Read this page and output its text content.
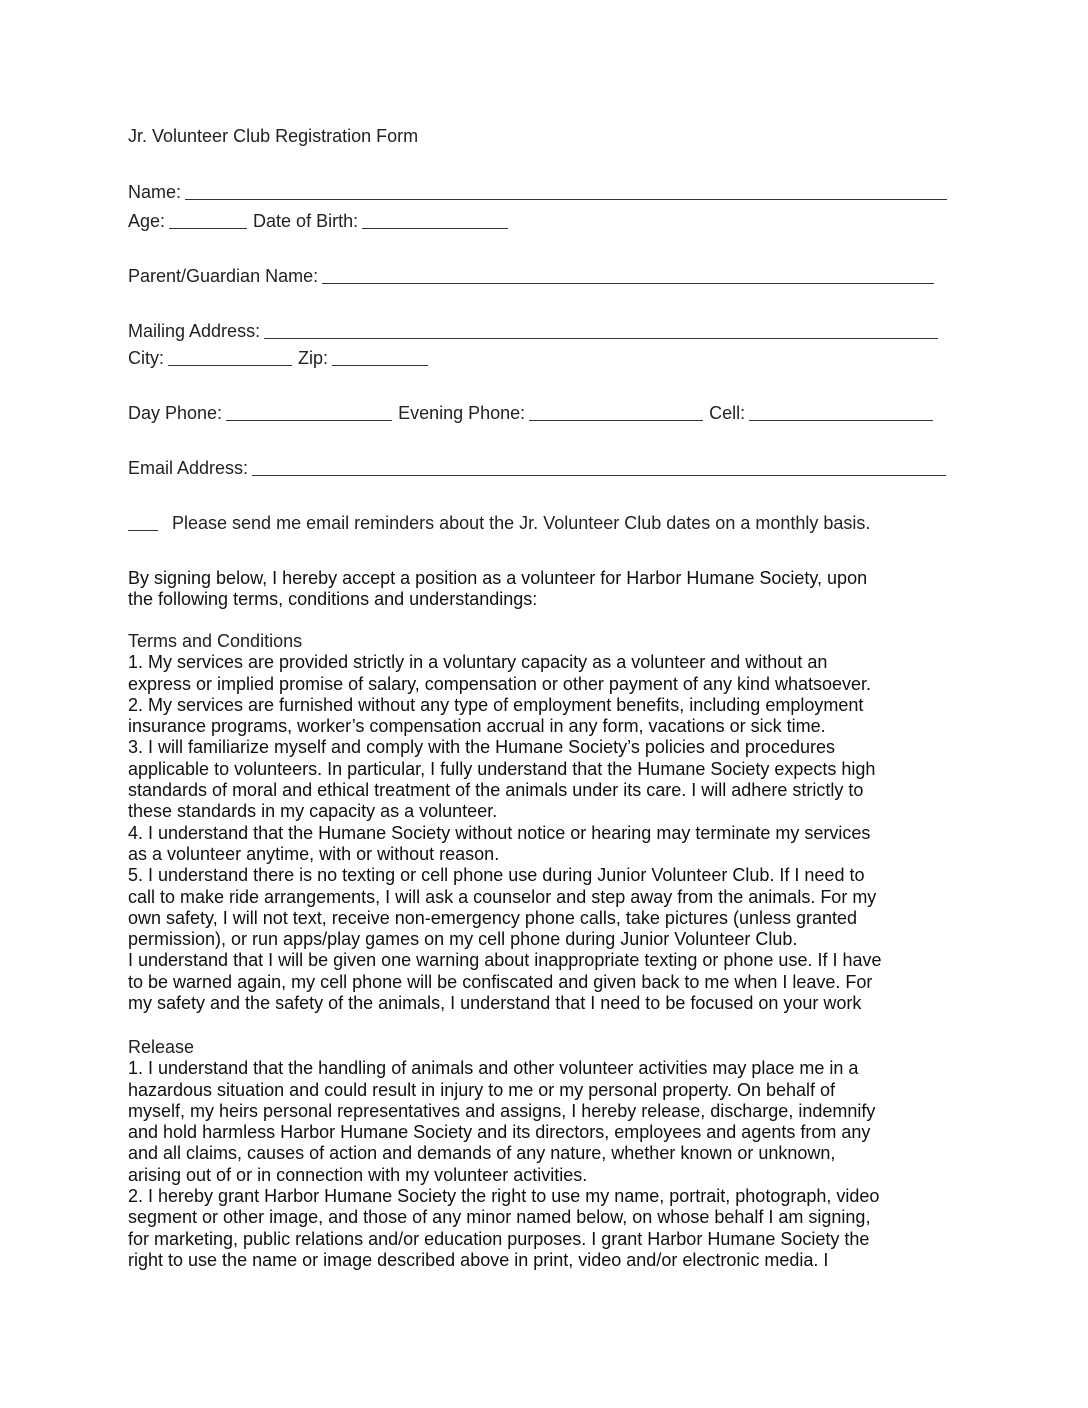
Jr. Volunteer Club Registration Form
Name:
Age:	Date of Birth:
Parent/Guardian Name:
Mailing Address:
City:	Zip:
Day Phone:	Evening Phone:	Cell:
Email Address:
Please send me email reminders about the Jr. Volunteer Club dates on a monthly basis.
By signing below, I hereby accept a position as a volunteer for Harbor Humane Society, upon
the following terms, conditions and understandings:
Terms and Conditions
1. My services are provided strictly in a voluntary capacity as a volunteer and without an
express or implied promise of salary, compensation or other payment of any kind whatsoever.
2. My services are furnished without any type of employment benefits, including employment
insurance programs, worker’s compensation accrual in any form, vacations or sick time.
3. I will familiarize myself and comply with the Humane Society’s policies and procedures
applicable to volunteers. In particular, I fully understand that the Humane Society expects high
standards of moral and ethical treatment of the animals under its care. I will adhere strictly to
these standards in my capacity as a volunteer.
4. I understand that the Humane Society without notice or hearing may terminate my services
as a volunteer anytime, with or without reason.
5. I understand there is no texting or cell phone use during Junior Volunteer Club. If I need to
call to make ride arrangements, I will ask a counselor and step away from the animals. For my
own safety, I will not text, receive non-emergency phone calls, take pictures (unless granted
permission), or run apps/play games on my cell phone during Junior Volunteer Club.
I understand that I will be given one warning about inappropriate texting or phone use. If I have
to be warned again, my cell phone will be confiscated and given back to me when I leave. For
my safety and the safety of the animals, I understand that I need to be focused on your work
Release
1. I understand that the handling of animals and other volunteer activities may place me in a
hazardous situation and could result in injury to me or my personal property. On behalf of
myself, my heirs personal representatives and assigns, I hereby release, discharge, indemnify
and hold harmless Harbor Humane Society and its directors, employees and agents from any
and all claims, causes of action and demands of any nature, whether known or unknown,
arising out of or in connection with my volunteer activities.
2. I hereby grant Harbor Humane Society the right to use my name, portrait, photograph, video
segment or other image, and those of any minor named below, on whose behalf I am signing,
for marketing, public relations and/or education purposes. I grant Harbor Humane Society the
right to use the name or image described above in print, video and/or electronic media. I
